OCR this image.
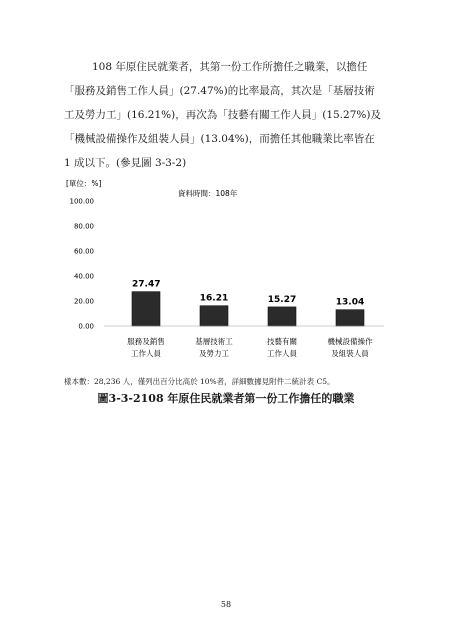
108 年原住民就業者，其第一份工作所擔任之職業，以擔任
「服務及銷售工作人員」(27.47%)的比率最高，其次是「基層技術
工及勞力工」(16.21%)，再次為「技藝有關工作人員」(15.27%)及
「機械設備操作及組裝人員」(13.04%)，而擔任其他職業比率皆在
1 成以下。(參見圖 3-3-2)
[單位：%]
資料時間：108年
0.00
20.00
40.00
60.00
80.00
100.00
27.47
16.21	15.27	13.04
服務及銷售
工作人員
基層技術工
及勞力工
技藝有關
工作人員
機械設備操作
及組裝人員
樣本數：28,236 人，僅列出百分比高於 10%者，詳細數據見附件二統計表 C5。
圖3-3-2108 年原住民就業者第一份工作擔任的職業
58
